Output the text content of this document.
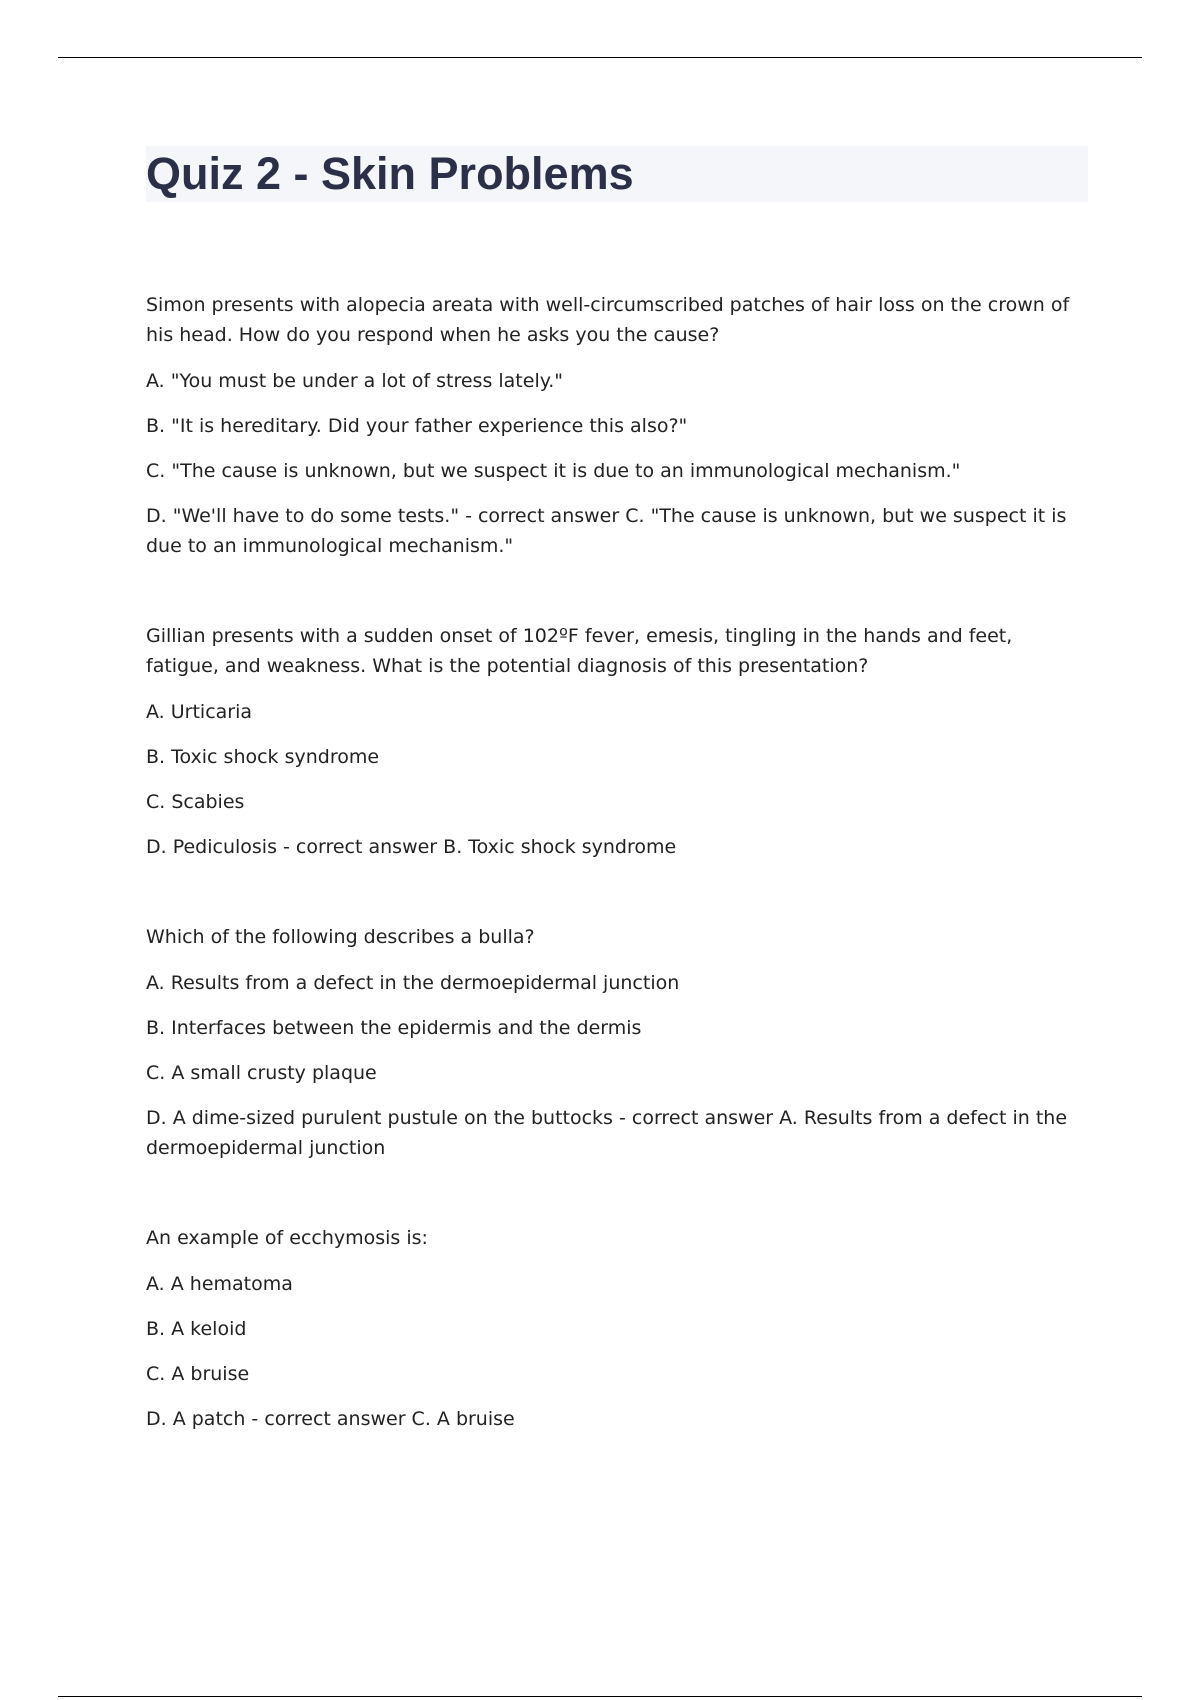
Quiz 2 - Skin Problems

Simon presents with alopecia areata with well-circumscribed patches of hair loss on the crown of his head. How do you respond when he asks you the cause?

A. "You must be under a lot of stress lately."

B. "It is hereditary. Did your father experience this also?"

C. "The cause is unknown, but we suspect it is due to an immunological mechanism."

D. "We'll have to do some tests." - correct answer C. "The cause is unknown, but we suspect it is due to an immunological mechanism."

Gillian presents with a sudden onset of 102ºF fever, emesis, tingling in the hands and feet, fatigue, and weakness. What is the potential diagnosis of this presentation?

A. Urticaria

B. Toxic shock syndrome

C. Scabies

D. Pediculosis - correct answer B. Toxic shock syndrome

Which of the following describes a bulla?

A. Results from a defect in the dermoepidermal junction

B. Interfaces between the epidermis and the dermis

C. A small crusty plaque

D. A dime-sized purulent pustule on the buttocks - correct answer A. Results from a defect in the dermoepidermal junction

An example of ecchymosis is:

A. A hematoma

B. A keloid

C. A bruise

D. A patch - correct answer C. A bruise
